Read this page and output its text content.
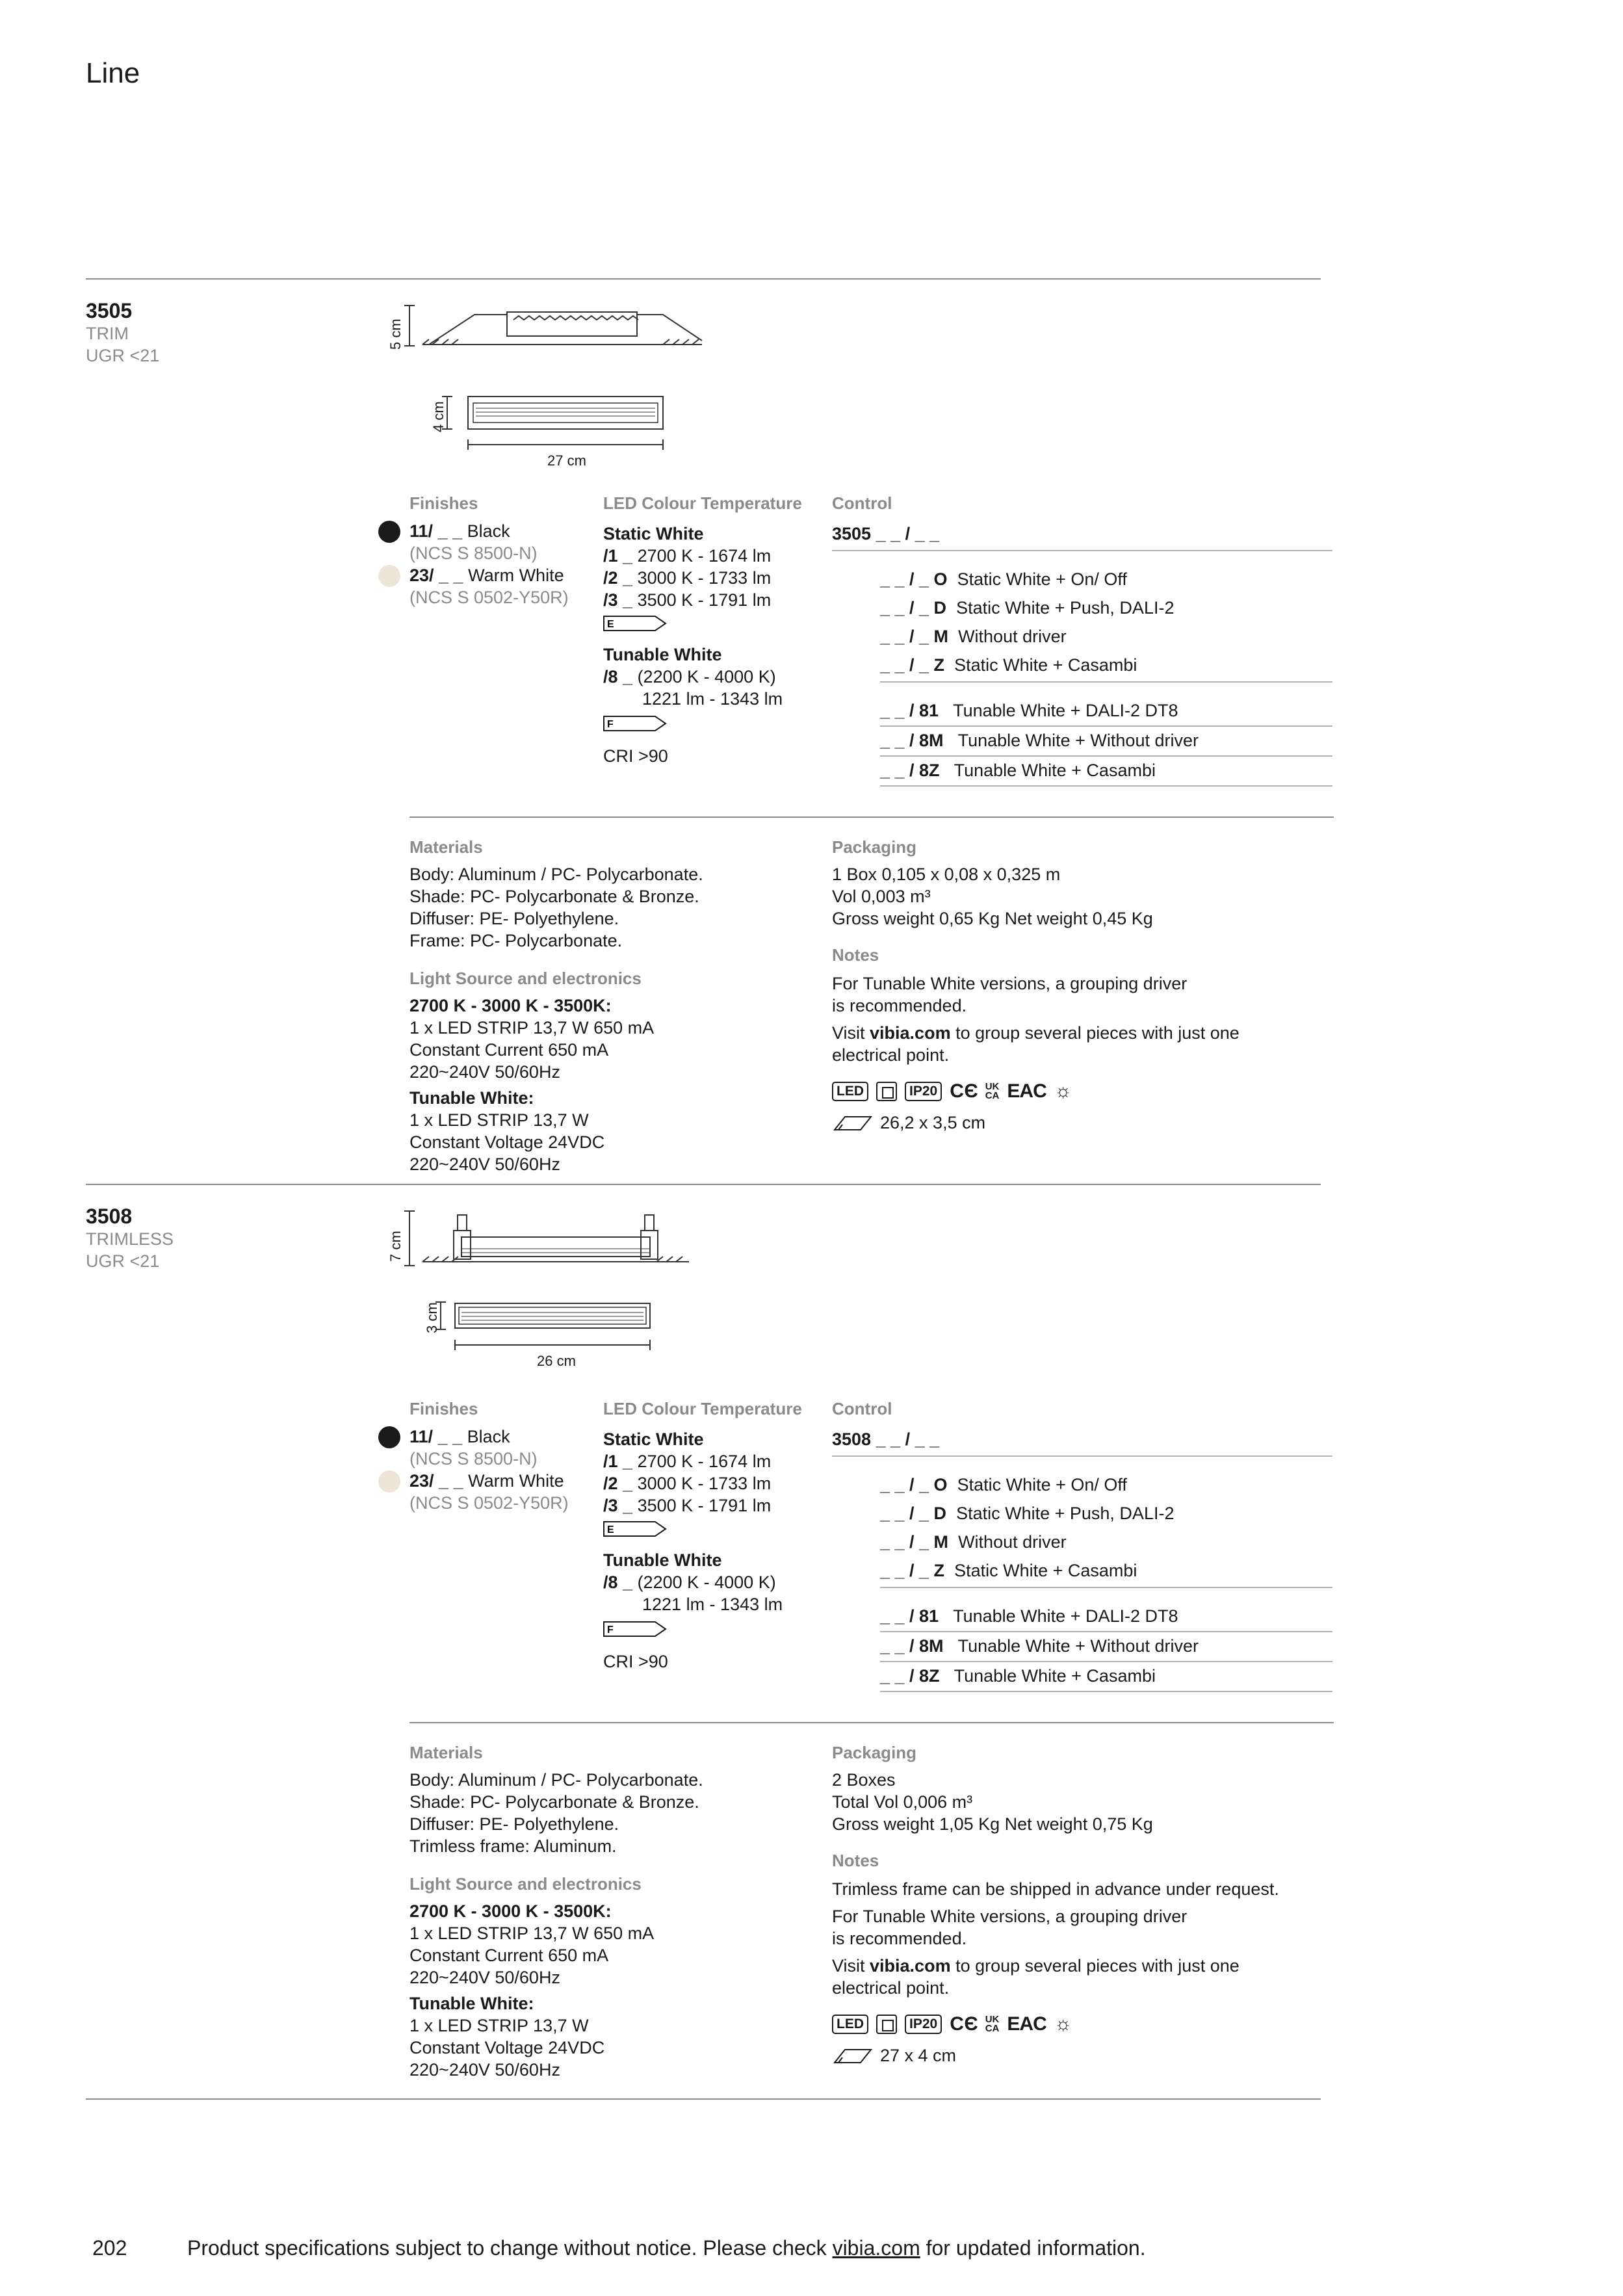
Line
3505
TRIM
UGR <21
5 cm
4 cm
27 cm
Finishes
11/ _ _ Black
(NCS S 8500-N)
23/ _ _ Warm White
(NCS S 0502-Y50R)
LED Colour Temperature
Static White
/1 _ 2700 K - 1674 lm
/2 _ 3000 K - 1733 lm
/3 _ 3500 K - 1791 lm
E
Tunable White
/8 _ (2200 K - 4000 K)
1221 lm - 1343 lm
F
CRI >90
Control
3505 _ _ / _ _
_ _ / _ O Static White + On/ Off
_ _ / _ D Static White + Push, DALI-2
_ _ / _ M Without driver
_ _ / _ Z Static White + Casambi
_ _ / 81 Tunable White + DALI-2 DT8
_ _ / 8M Tunable White + Without driver
_ _ / 8Z Tunable White + Casambi
Materials
Body: Aluminum / PC- Polycarbonate.
Shade: PC- Polycarbonate & Bronze.
Diffuser: PE- Polyethylene.
Frame: PC- Polycarbonate.
Light Source and electronics
2700 K - 3000 K - 3500K:
1 x LED STRIP 13,7 W 650 mA
Constant Current 650 mA
220~240V 50/60Hz
Tunable White:
1 x LED STRIP 13,7 W
Constant Voltage 24VDC
220~240V 50/60Hz
Packaging
1 Box 0,105 x 0,08 x 0,325 m
Vol 0,003 m³
Gross weight 0,65 Kg Net weight 0,45 Kg
Notes
For Tunable White versions, a grouping driver
is recommended.
Visit vibia.com to group several pieces with just one
electrical point.
LED	IP20 C Є UK
CA EAC ☼
26,2 x 3,5 cm
3508
TRIMLESS
UGR <21	7 cm
3 cm
26 cm
Finishes
11/ _ _ Black
(NCS S 8500-N)
23/ _ _ Warm White
(NCS S 0502-Y50R)
LED Colour Temperature
Static White
/1 _ 2700 K - 1674 lm
/2 _ 3000 K - 1733 lm
/3 _ 3500 K - 1791 lm
E
Tunable White
/8 _ (2200 K - 4000 K)
1221 lm - 1343 lm
F
CRI >90
Control
3508 _ _ / _ _
_ _ / _ O Static White + On/ Off
_ _ / _ D Static White + Push, DALI-2
_ _ / _ M Without driver
_ _ / _ Z Static White + Casambi
_ _ / 81 Tunable White + DALI-2 DT8
_ _ / 8M Tunable White + Without driver
_ _ / 8Z Tunable White + Casambi
Materials
Body: Aluminum / PC- Polycarbonate.
Shade: PC- Polycarbonate & Bronze.
Diffuser: PE- Polyethylene.
Trimless frame: Aluminum.
Light Source and electronics
2700 K - 3000 K - 3500K:
1 x LED STRIP 13,7 W 650 mA
Constant Current 650 mA
220~240V 50/60Hz
Tunable White:
1 x LED STRIP 13,7 W
Constant Voltage 24VDC
220~240V 50/60Hz
Packaging
2 Boxes
Total Vol 0,006 m³
Gross weight 1,05 Kg Net weight 0,75 Kg
Notes
Trimless frame can be shipped in advance under request.
For Tunable White versions, a grouping driver
is recommended.
Visit vibia.com to group several pieces with just one
electrical point.
LED	IP20 C Є UK
CA EAC ☼
27 x 4 cm
202	Product specifications subject to change without notice. Please check vibia.com for updated information.
